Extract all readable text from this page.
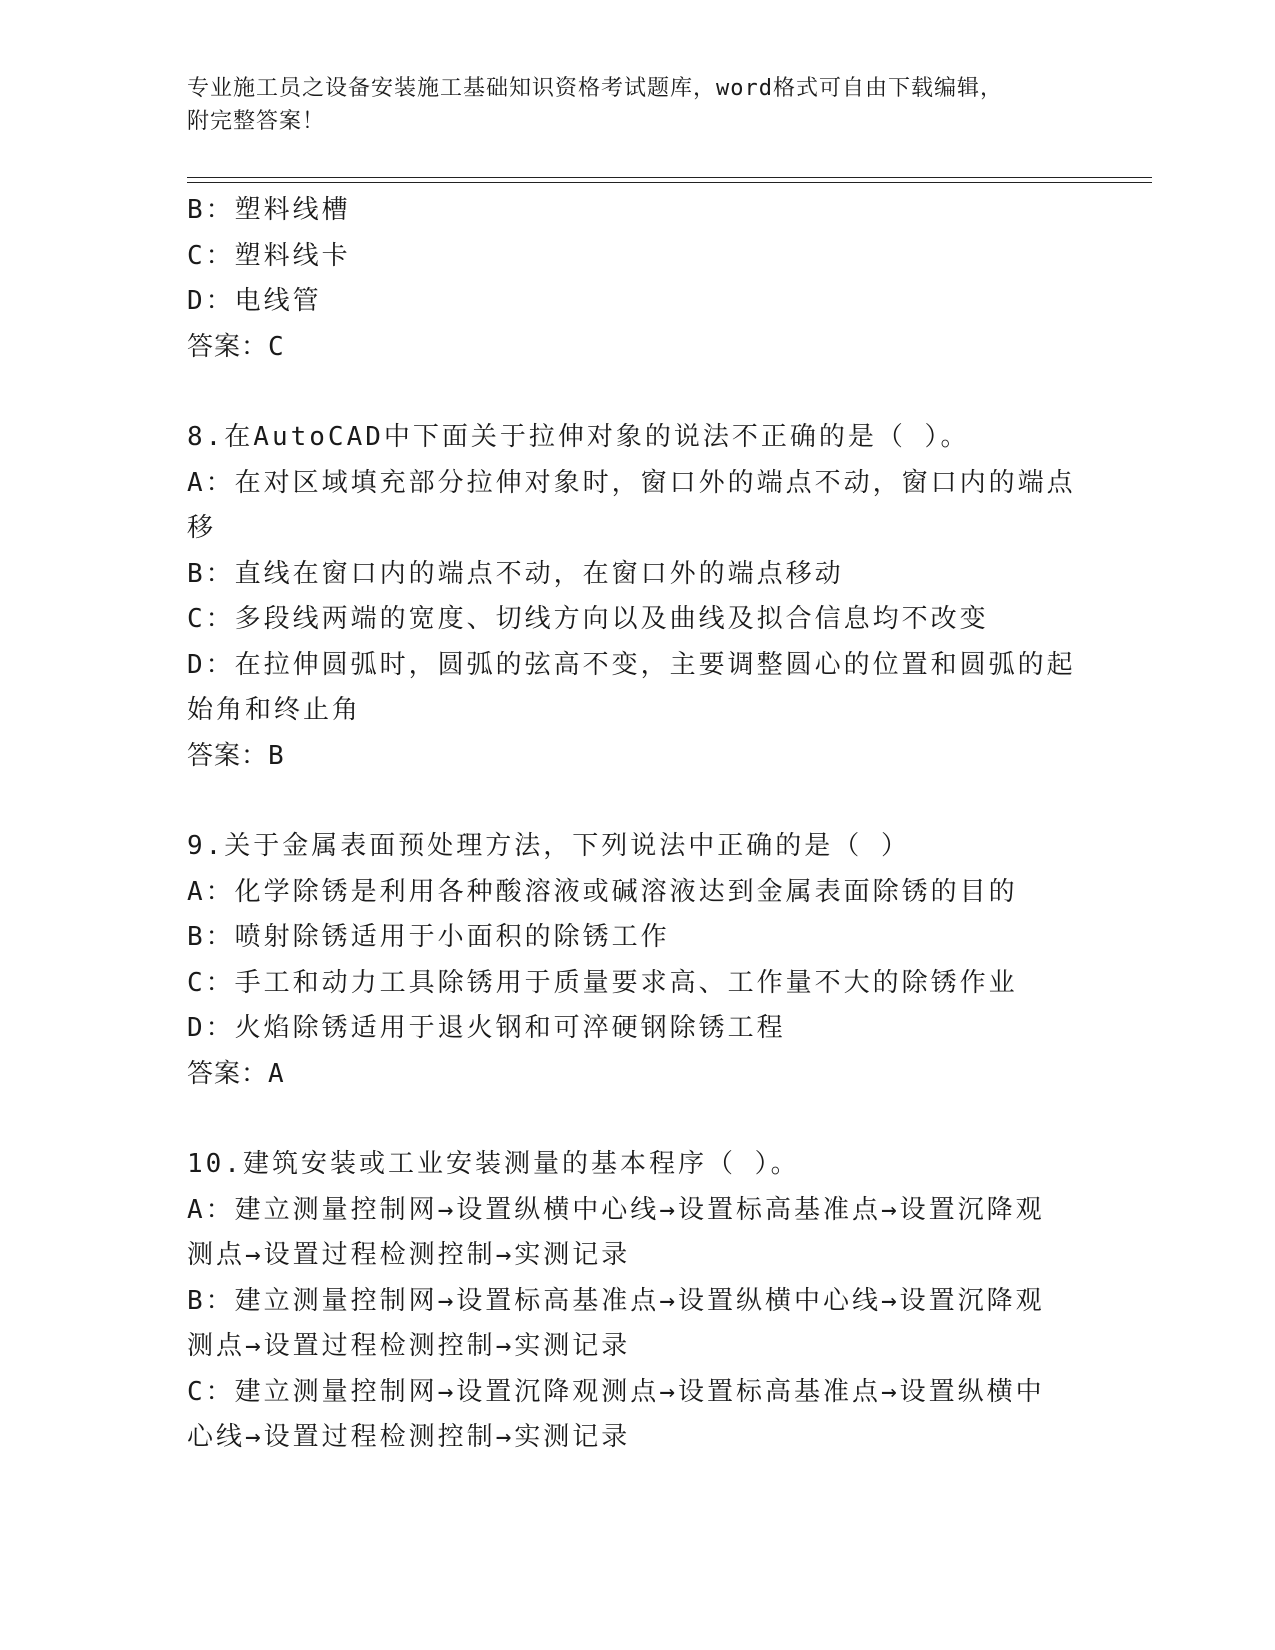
专业施工员之设备安装施工基础知识资格考试题库，word格式可自由下载编辑，
附完整答案！
B：塑料线槽
C：塑料线卡
D：电线管
答案：C
8.在AutoCAD中下面关于拉伸对象的说法不正确的是（ ）。
A：在对区域填充部分拉伸对象时，窗口外的端点不动，窗口内的端点
移
B：直线在窗口内的端点不动，在窗口外的端点移动
C：多段线两端的宽度、切线方向以及曲线及拟合信息均不改变
D：在拉伸圆弧时，圆弧的弦高不变，主要调整圆心的位置和圆弧的起
始角和终止角
答案：B
9.关于金属表面预处理方法，下列说法中正确的是（ ）
A：化学除锈是利用各种酸溶液或碱溶液达到金属表面除锈的目的
B：喷射除锈适用于小面积的除锈工作
C：手工和动力工具除锈用于质量要求高、工作量不大的除锈作业
D：火焰除锈适用于退火钢和可淬硬钢除锈工程
答案：A
10.建筑安装或工业安装测量的基本程序（ ）。
A：建立测量控制网→设置纵横中心线→设置标高基准点→设置沉降观
测点→设置过程检测控制→实测记录
B：建立测量控制网→设置标高基准点→设置纵横中心线→设置沉降观
测点→设置过程检测控制→实测记录
C：建立测量控制网→设置沉降观测点→设置标高基准点→设置纵横中
心线→设置过程检测控制→实测记录
